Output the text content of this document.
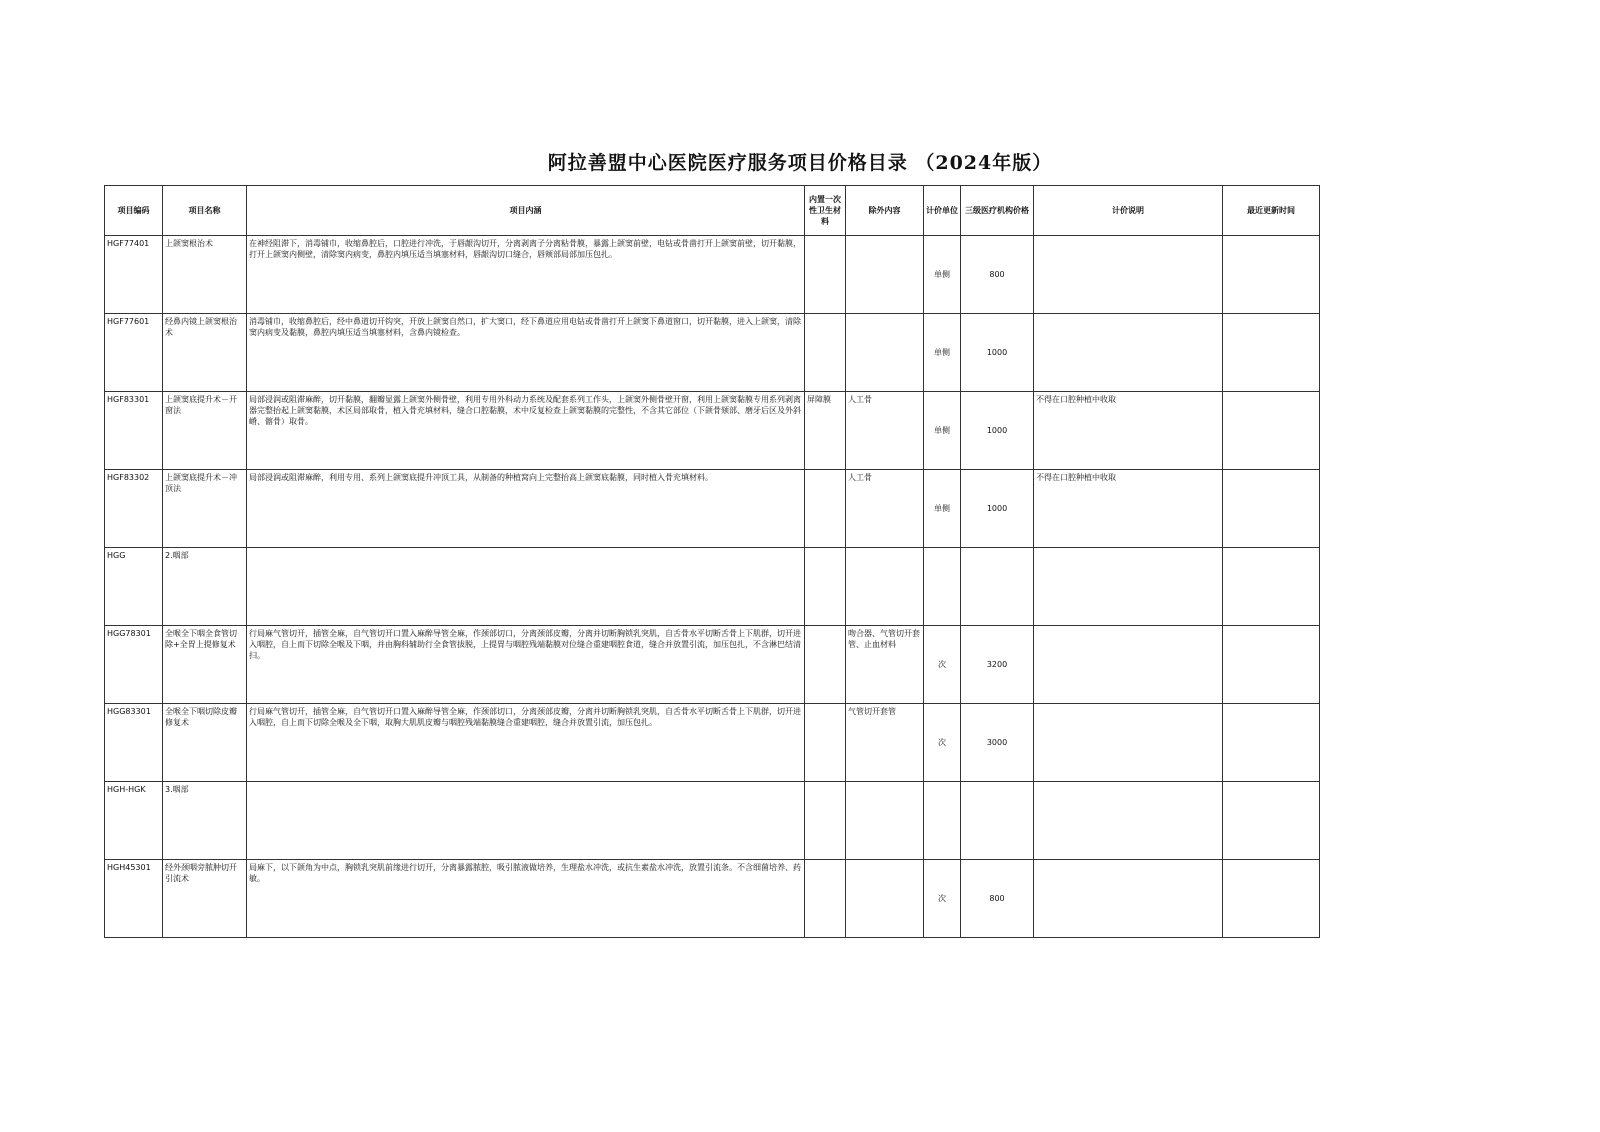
阿拉善盟中心医院医疗服务项目价格目录 （2024年版）
项目编码	项目名称	项目内涵	内置一次性卫生材料	除外内容	计价单位	三级医疗机构价格	计价说明	最近更新时间
HGF77401	上颌窦根治术	在神经阻滞下，消毒铺巾，收缩鼻腔后，口腔进行冲洗，于唇龈沟切开，分离剥离子分离粘骨膜，暴露上颌窦前壁，电钻或骨凿打开上颌窦前壁，切开黏膜，打开上颌窦内侧壁，清除窦内病变，鼻腔内填压适当填塞材料，唇龈沟切口缝合，唇颊部局部加压包扎。			单侧	800		
HGF77601	经鼻内镜上颌窦根治术	消毒铺巾，收缩鼻腔后，经中鼻道切开钩突，开放上颌窦自然口，扩大窦口，经下鼻道应用电钻或骨凿打开上颌窦下鼻道窗口，切开黏膜，进入上颌窦，清除窦内病变及黏膜，鼻腔内填压适当填塞材料，含鼻内镜检查。			单侧	1000		
HGF83301	上颌窦底提升术－开窗法	局部浸润或阻滞麻醉，切开黏膜，翻瓣显露上颌窦外侧骨壁，利用专用外科动力系统及配套系列工作头，上颌窦外侧骨壁开窗，利用上颌窦黏膜专用系列剥离器完整抬起上颌窦黏膜，术区局部取骨，植入骨充填材料，缝合口腔黏膜，术中反复检查上颌窦黏膜的完整性，不含其它部位（下颌骨颏部、磨牙后区及外斜嵴、髂骨）取骨。	屏障膜	人工骨	单侧	1000	不得在口腔种植中收取	
HGF83302	上颌窦底提升术－冲顶法	局部浸润或阻滞麻醉，利用专用、系列上颌窦底提升冲顶工具，从制备的种植窝向上完整抬高上颌窦底黏膜，同时植入骨充填材料。		人工骨	单侧	1000	不得在口腔种植中收取	
HGG	2.咽部							
HGG78301	全喉全下咽全食管切除+全胃上提修复术	行局麻气管切开，插管全麻，自气管切开口置入麻醉导管全麻，作颈部切口，分离颈部皮瓣，分离并切断胸锁乳突肌，自舌骨水平切断舌骨上下肌群，切开进入咽腔，自上而下切除全喉及下咽，并由胸科辅助行全食管拔脱，上提胃与咽腔残端黏膜对位缝合重建咽腔食道，缝合并放置引流，加压包扎，不含淋巴结清扫。		吻合器、气管切开套管、止血材料	次	3200		
HGG83301	全喉全下咽切除皮瓣修复术	行局麻气管切开，插管全麻，自气管切开口置入麻醉导管全麻，作颈部切口，分离颈部皮瓣，分离并切断胸锁乳突肌，自舌骨水平切断舌骨上下肌群，切开进入咽腔，自上而下切除全喉及全下咽，取胸大肌肌皮瓣与咽腔残端黏膜缝合重建咽腔，缝合并放置引流，加压包扎。		气管切开套管	次	3000		
HGH-HGK	3.咽部							
HGH45301	经外颈咽旁脓肿切开引流术	局麻下，以下颌角为中点，胸锁乳突肌前缘进行切开，分离暴露脓腔，吸引脓液做培养，生理盐水冲洗，或抗生素盐水冲洗，放置引流条。不含细菌培养、药敏。			次	800		
